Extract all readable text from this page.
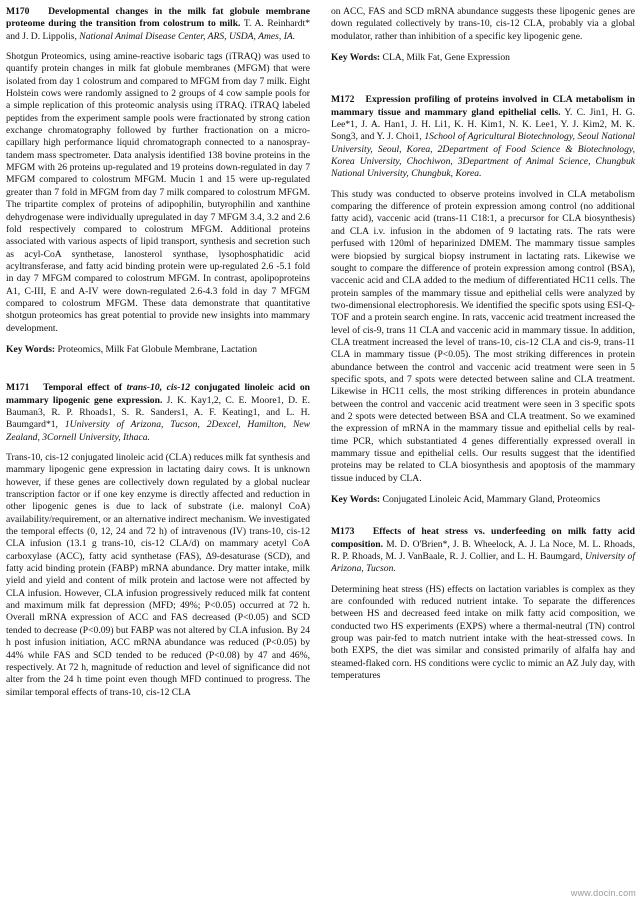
M170 Developmental changes in the milk fat globule membrane proteome during the transition from colostrum to milk. T. A. Reinhardt* and J. D. Lippolis, National Animal Disease Center, ARS, USDA, Ames, IA.

Shotgun Proteomics, using amine-reactive isobaric tags (iTRAQ) was used to quantify protein changes in milk fat globule membranes (MFGM) that were isolated from day 1 colostrum and compared to MFGM from day 7 milk. Eight Holstein cows were randomly assigned to 2 groups of 4 cow sample pools for a simple replication of this proteomic analysis using iTRAQ. iTRAQ labeled peptides from the experiment sample pools were fractionated by strong cation exchange chromatography followed by further fractionation on a micro-capillary high performance liquid chromatograph connected to a nanospray-tandem mass spectrometer. Data analysis identified 138 bovine proteins in the MFGM with 26 proteins up-regulated and 19 proteins down-regulated in day 7 MFGM compared to colostrum MFGM. Mucin 1 and 15 were up-regulated greater than 7 fold in MFGM from day 7 milk compared to colostrum MFGM. The tripartite complex of proteins of adipophilin, butyrophilin and xanthine dehydrogenase were individually upregulated in day 7 MFGM 3.4, 3.2 and 2.6 fold respectively compared to colostrum MFGM. Additional proteins associated with various aspects of lipid transport, synthesis and secretion such as acyl-CoA synthetase, lanosterol synthase, lysophosphatidic acid acyltransferase, and fatty acid binding protein were up-regulated 2.6 -5.1 fold in day 7 MFGM compared to colostrum MFGM. In contrast, apolipoproteins A1, C-III, E and A-IV were down-regulated 2.6-4.3 fold in day 7 MFGM compared to colostrum MFGM. These data demonstrate that quantitative shotgun proteomics has great potential to provide new insights into mammary development.

Key Words: Proteomics, Milk Fat Globule Membrane, Lactation

M171 Temporal effect of trans-10, cis-12 conjugated linoleic acid on mammary lipogenic gene expression. J. K. Kay1,2, C. E. Moore1, D. E. Bauman3, R. P. Rhoads1, S. R. Sanders1, A. F. Keating1, and L. H. Baumgard*1, 1University of Arizona, Tucson, 2Dexcel, Hamilton, New Zealand, 3Cornell University, Ithaca.

Trans-10, cis-12 conjugated linoleic acid (CLA) reduces milk fat synthesis and mammary lipogenic gene expression in lactating dairy cows. It is unknown however, if these genes are collectively down regulated by a global nuclear transcription factor or if one key enzyme is directly affected and reduction in other lipogenic genes is due to lack of substrate (i.e. malonyl CoA) availability/requirement, or an alternative indirect mechanism. We investigated the temporal effects (0, 12, 24 and 72 h) of intravenous (IV) trans-10, cis-12 CLA infusion (13.1 g trans-10, cis-12 CLA/d) on mammary acetyl CoA carboxylase (ACC), fatty acid synthetase (FAS), Δ9-desaturase (SCD), and fatty acid binding protein (FABP) mRNA abundance. Dry matter intake, milk yield and yield and content of milk protein and lactose were not affected by CLA infusion. However, CLA infusion progressively reduced milk fat content and maximum milk fat depression (MFD; 49%; P<0.05) occurred at 72 h. Overall mRNA expression of ACC and FAS decreased (P<0.05) and SCD tended to decrease (P<0.09) but FABP was not altered by CLA infusion. By 24 h post infusion initiation, ACC mRNA abundance was reduced (P<0.05) by 44% while FAS and SCD tended to be reduced (P<0.08) by 47 and 46%, respectively. At 72 h, magnitude of reduction and level of significance did not alter from the 24 h time point even though MFD continued to progress. The similar temporal effects of trans-10, cis-12 CLA

on ACC, FAS and SCD mRNA abundance suggests these lipogenic genes are down regulated collectively by trans-10, cis-12 CLA, probably via a global modulator, rather than inhibition of a specific key lipogenic gene.

Key Words: CLA, Milk Fat, Gene Expression

M172 Expression profiling of proteins involved in CLA metabolism in mammary tissue and mammary gland epithelial cells. Y. C. Jin1, H. G. Lee*1, J. A. Han1, J. H. Li1, K. H. Kim1, N. K. Lee1, Y. J. Kim2, M. K. Song3, and Y. J. Choi1, 1School of Agricultural Biotechnology, Seoul National University, Seoul, Korea, 2Department of Food Science & Biotechnology, Korea University, Chochiwon, 3Department of Animal Science, Chungbuk National University, Chungbuk, Korea.

This study was conducted to observe proteins involved in CLA metabolism comparing the difference of protein expression among control (no additional fatty acid), vaccenic acid (trans-11 C18:1, a precursor for CLA biosynthesis) and CLA i.v. infusion in the abdomen of 9 lactating rats. The rats were perfused with 120ml of heparinized DMEM. The mammary tissue samples were biopsied by surgical biopsy instrument in lactating rats. Likewise we sought to compare the difference of protein expression among control (BSA), vaccenic acid and CLA added to the medium of differentiated HC11 cells. The protein samples of the mammary tissue and epithelial cells were analyzed by two-dimensional electrophoresis. We identified the specific spots using ESI-Q-TOF and a protein search engine. In rats, vaccenic acid treatment increased the level of cis-9, trans 11 CLA and vaccenic acid in mammary tissue. In addition, CLA treatment increased the level of trans-10, cis-12 CLA and cis-9, trans-11 CLA in mammary tissue (P<0.05). The most striking differences in protein abundance between the control and vaccenic acid treatment were seen in 5 specific spots, and 7 spots were detected between saline and CLA treatment. Likewise in HC11 cells, the most striking differences in protein abundance between the control and vaccenic acid treatment were seen in 3 specific spots and 2 spots were detected between BSA and CLA treatment. So we examined the expression of mRNA in the mammary tissue and epithelial cells by real-time PCR, which substantiated 4 genes differentially expressed overall in mammary tissue and epithelial cells. Our results suggest that the identified proteins may be related to CLA biosynthesis and apoptosis of the mammary tissue induced by CLA.

Key Words: Conjugated Linoleic Acid, Mammary Gland, Proteomics

M173 Effects of heat stress vs. underfeeding on milk fatty acid composition. M. D. O'Brien*, J. B. Wheelock, A. J. La Noce, M. L. Rhoads, R. P. Rhoads, M. J. VanBaale, R. J. Collier, and L. H. Baumgard, University of Arizona, Tucson.

Determining heat stress (HS) effects on lactation variables is complex as they are confounded with reduced nutrient intake. To separate the differences between HS and decreased feed intake on milk fatty acid composition, we conducted two HS experiments (EXPS) where a thermal-neutral (TN) control group was pair-fed to match nutrient intake with the heat-stressed cows. In both EXPS, the diet was similar and consisted primarily of alfalfa hay and steamed-flaked corn. HS conditions were cyclic to mimic an AZ July day, with temperatures

www.docin.com
